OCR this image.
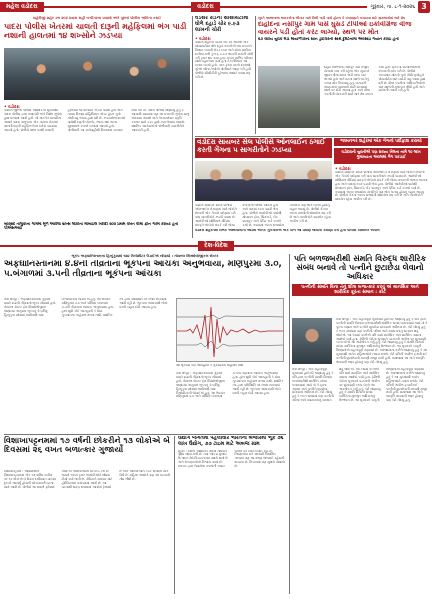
મહેલ વડોદરા	વડોદરા	ગુરૂવાર, તા. ૮-૧-૨૦૨૬ 3
શહેરીજી શહેર ડભ ૨૯૪ પ્રવાસ સહી બચીગરના પ્રવાસો અંગે પૂછતાં પોલીસ અંકિતા કરાઈ
પાદરા પોલીસ ખેતરમાં ચાલતી દારૂની મહેફિલમાં ભંગ પાડી નશાની હાલતમાં ૧૪ શખ્સોને ઝડપ્યા
• વડોદરા
વડોદરા જીલ્લા પોલીસ અધિક્ષકની સૂચનાથી પાદરા પોલીસ દ્વારા નશાબંધી અંગે વિશેષ ઝુંબેશ હાથ ધરવામાં આવી હતી. જે અંતર્ગત બાતમીના આધારે પાદરા તાલુકાના એક ગામના ખેતરમાં ચાલતી દારૂની મહેફિલ ઉપર દરોડો પાડવામાં આવ્યો હતો. પોલીસે સ્થળ પરથી નશાની હાલતમાં ૧૪ શખ્સોને ઝડપી પાડ્યા હતા અને તમામ વિરુદ્ધ પ્રોહિબિશન એક્ટ હેઠળ ગુનો નોંધી વધુ તપાસ હાથ ધરી છે. ઝડપાયેલા શખ્સો પાસેથી દારૂની બોટલો, ગ્લાસ તથા અન્ય મુદ્દામાલ કબજે કરવામાં આવ્યો હતો. પોલીસની આ કાર્યવાહીથી વિસ્તારમાં ચકચાર મચી ગઈ છે. પાદરા પોલીસે જણાવ્યું હતું કે આગામી સમયમાં પણ આ પ્રકારની ઝુંબેશ ચાલુ રાખવામાં આવશે અને ગેરકાયદેસર પ્રવૃત્તિ કરનાર સામે કડક હાથે કામ લેવામાં આવશે. સ્થાનિક આગેવાનોએ પોલીસની કામગીરીને આવકારી હતી.
બોરસદ તાલુકાના ગામમાં મૂળે આવેલા શખ્સ લોકોના મોબાઇલ ખરીદી ૨૦૦ પ્રથમ વખત વીમા ફોન ગરમ કરાયો હતો પીએસઆઈ
વડસર રોડની સોસાયટીમાં ઘોળે દહાડે ચોર ૯.૯૩ લાખની ચોરી
• વડોદરા
વડોદરા શહેરના વડસર રોડ પર આવેલી એક સોસાયટીમાં ઘોળે દહાડે તસ્કરોએ બંધ મકાનને નિશાન બનાવી રોકડ રકમ અને સોના ચાંદીના દાગીના મળી કુલ રૂ. ૯.૯૩ લાખની મત્તાની ચોરી કરી ફરાર થઇ ગયા હતા. મકાન માલિક પરિવાર સાથે બહારગામ ગયા હતા તે દરમિયાન આ બનાવ બન્યો હતો. પરત ફરતા ઘરનો દરવાજો તૂટેલો જોતા તેઓએ પોલીસને જાણ કરી હતી. પોલીસે સીસીટીવી ફૂટેજના આધારે તપાસ શરૂ કરી છે.
સુરતે આજબાજ જરાકલેના ભીનાર ગામે વિલી ગાડી પાસે હોટલ કે વગરાણાને બચાવવા માટે ગ્રામજનોમાં ભારે રોષ
દાહોદના નસીપુર ગામ પાસે ઘુસડે ટીપીઓ ઇકોવીગ્રેજ વીજ વાયરને પડી હોતાં કરંટ લાગ્યો, સ્થળ પર મોત
૨૭ વર્ષીય યુવક મેડા માયાળપરના શાન ડ્રાઈવરની સાથે દુર્ઘટનામાં અવસાઇ ગયાને કરાઇ હતો
દાહોદ જિલ્લાના નસીપુર ગામ નજીક ખેતરમાં કામ કરી રહેલા એક યુવકને જીવંત વીજ વાયર અડી જતા કરંટ લાગ્યો હતો અને ઘટના સ્થળે જ તેનું કરુણ મોત નિપજ્યું હતું. બનાવની જાણ થતા ગ્રામજનો મોટી સંખ્યામાં સ્થળ પર દોડી આવ્યા હતા અને વીજ કંપનીની બેદરકારી સામે ભારે રોષ વ્યક્ત કર્યો હતો. મૃતકના પરિવારજનોએ વળતરની માંગ કરી છે. પોલીસે અકસ્માત મોતનો ગુનો નોંધી મૃતદેહને પોસ્ટમોર્ટમ માટે ખસેડી વધુ તપાસ હાથ ધરી છે. વીજ કંપનીના અધિકારીઓએ પણ સ્થળની મુલાકાત લીધી હતી અને વાયરની તપાસ કરી હતી.
જામનગર શહેરમાં એક ગેંગનો પર્દાફાશ કરાયો
વડોદરા સાયબર સેલ પોલીસે ઓનલાઈન ઠગાઈ કરતી ગેંગના ૫ સાગરીતોને ઝડપ્યા	વડોદરાની યુવતીએ પણ રાજ્ય ખેલના નામે ૧૦ લાખ ગુમાવ્યાના અવલમાં ગેંગ પકડાઈ
• વડોદરા
વડોદરા સાયબર ક્રાઇમ પોલીસે ઓનલાઈન રોકાણના નામે લોકોને છેતરતી એક ગેંગનો પર્દાફાશ કરી પાંચ સાગરીતોને ઝડપી પાડ્યા છે. આરોપીઓ સોશિયલ મીડિયા મારફતે લોકોનો સંપર્ક કરી ઊંચા વળતરની લાલચ આપતા હતા અને બાદમાં રકમ પડાવી લેતા હતા. પોલીસે આરોપીઓ પાસેથી મોબાઇલ ફોન, સિમકાર્ડ, બેંક પાસબુક અને ડેબિટ કાર્ડ કબજે કર્યા છે. તપાસમાં અન્ય રાજ્યોના નાગરિકો પણ ભોગ બન્યા હોવાનું બહાર આવ્યું છે. પોલીસે ગેંગના અન્ય સભ્યોની શોધખોળ શરૂ કરી છે અને નાગરિકોને સાવચેત રહેવા અપીલ કરી છે.
વડોદરા સાયબર ક્રાઇમ પોલીસે ઓનલાઈન રોકાણના નામે લોકોને છેતરતી એક ગેંગનો પર્દાફાશ કરી પાંચ સાગરીતોને ઝડપી પાડ્યા છે. આરોપીઓ સોશિયલ મીડિયા મારફતે લોકોનો સંપર્ક કરી ઊંચા વળતરની લાલચ આપતા હતા અને બાદમાં રકમ પડાવી લેતા હતા. પોલીસે આરોપીઓ પાસેથી મોબાઇલ ફોન, સિમકાર્ડ, બેંક પાસબુક અને ડેબિટ કાર્ડ કબજે કર્યા છે. તપાસમાં અન્ય રાજ્યોના નાગરિકો પણ ભોગ બન્યા હોવાનું બહાર આવ્યું છે. પોલીસે ગેંગના અન્ય સભ્યોની શોધખોળ શરૂ કરી છે અને નાગરિકોને સાવચેત રહેવા અપીલ કરી છે.
વડોદરા શહેરનમાં દર્ભિક અભિયાનોની આડમાં અનેક ગુનેગારોએ એક કાળે આ પ્રમાણે જમીની કમાણી કરી હતી પોલીસ કમિશ્નરે અપીલ
દેશ-વિદેશ
ભૂકંપ અફઘાનિસ્તાનના હિન્દુકુશમાં ૧૨૪ કિલોમીટર ઉંડાઈએ નોંધાયો : નેશનલ સિસ્મોલોજીકલ સેન્ટર
અફઘાનિસ્તાનમાં ૪.૪ની તીવ્રતાના ભૂકંપના આંચકા અનુભવાયા, મણિપુરમાં ૩.૦, ૫.બંગાળમાં ૩.૫ની તીવ્રતાના ભૂકંપના આંચકા
નવી દિલ્હી : અફઘાનિસ્તાનમાં ગુરૂવારે સવારે ૪.૪ની તીવ્રતાનો ભૂકંપ નોંધાયો હતો. નેશનલ સેન્ટર ફોર સિસ્મોલોજીના જણાવ્યા અનુસાર ભૂકંપનું કેન્દ્રબિંદુ હિન્દુકુશ પ્રદેશમાં જમીનથી ૧૨૪ કિલોમીટરની ઊંડાઈએ હતું. આ ઉપરાંત મણિપુરમાં ૩.૦ અને પશ્ચિમ બંગાળમાં ૩.૫ની તીવ્રતાના આંચકા અનુભવાયા હતા. હાલ સુધી કોઈ જાનહાની કે મોટા નુકસાનના અહેવાલ મળ્યા નથી. સ્થાનિક તંત્ર દ્વારા પરિસ્થિતિ પર નજર રાખવામાં આવી રહી છે. ભૂકંપના આંચકાથી લોકો ઘરની બહાર દોડી આવ્યા હતા.
આ ભૂકંપમાં કોઈ જાનહાની કે નુકસાનના અહેવાલ નથી
નવી દિલ્હી : અફઘાનિસ્તાનમાં ગુરૂવારે સવારે ૪.૪ની તીવ્રતાનો ભૂકંપ નોંધાયો હતો. નેશનલ સેન્ટર ફોર સિસ્મોલોજીના જણાવ્યા અનુસાર ભૂકંપનું કેન્દ્રબિંદુ હિન્દુકુશ પ્રદેશમાં જમીનથી ૧૨૪ કિલોમીટરની ઊંડાઈએ હતું. આ ઉપરાંત મણિપુરમાં ૩.૦ અને પશ્ચિમ બંગાળમાં ૩.૫ની તીવ્રતાના આંચકા અનુભવાયા હતા. હાલ સુધી કોઈ જાનહાની કે મોટા નુકસાનના અહેવાલ મળ્યા નથી. સ્થાનિક તંત્ર દ્વારા પરિસ્થિતિ પર નજર રાખવામાં આવી રહી છે. ભૂકંપના આંચકાથી લોકો ઘરની બહાર દોડી આવ્યા હતા.
પતિ બળજબરીથી સંમતિ વિરુદ્ધ શારીરિક સંબંધ બનાવે તો પત્નીને છુટાછેડા લેવાનો અધિકાર
પત્નીની સંમતિ વિના તેનું શીલ બળાત્કાર કરવું એ માનસિક અને શારીરિક ક્રૂરતા સમાન : કોર્ટ
નવી દિલ્હી : એક મહત્વપૂર્ણ ચુકાદામાં હાઈકોર્ટે જણાવ્યું હતું કે પતિ દ્વારા પત્નીની સંમતિ વિરુદ્ધ બળજબરીથી શારીરિક સંબંધ બનાવવામાં આવે તો તે ક્રૂરતા ગણાય અને પત્નીને છૂટાછેડા માંગવાનો અધિકાર છે. કોર્ટે નોંધ્યું હતું કે લગ્ન સંબંધમાં પણ પત્નીની ગરિમા અને સ્વાયત્તતાનું સન્માન થવું જોઈએ. આ કેસમાં પત્નીએ પતિ સામે માનસિક અને શારીરિક ત્રાસના આક્ષેપો કર્યા હતા. ફેમિલી કોર્ટના ચુકાદાને પડકારતી અપીલ પર સુનાવણી કરતા બેન્ચે આ અવલોકન કર્યું હતું. કોર્ટે જણાવ્યું હતું કે સંમતિ વિનાનો સંબંધ વ્યક્તિના મૂળભૂત અધિકારોનું ઉલ્લંઘન છે. આ ચુકાદાને કાનૂની નિષ્ણાતોએ મહત્વપૂર્ણ ગણાવ્યો છે. અરજદારના વકીલે જણાવ્યું હતું કે આ ચુકાદાથી અનેક મહિલાઓને ન્યાય મળશે. કોર્ટે પતિની અપીલ ફગાવી દઈ પત્નીની છૂટાછેડાની માંગણી મંજૂર રાખી હતી. સમાજમાં આ અંગે જાગૃતિ લાવવાની જરૂર હોવાનું પણ કોર્ટે નોંધ્યું હતું.
નવી દિલ્હી : એક મહત્વપૂર્ણ ચુકાદામાં હાઈકોર્ટે જણાવ્યું હતું કે પતિ દ્વારા પત્નીની સંમતિ વિરુદ્ધ બળજબરીથી શારીરિક સંબંધ બનાવવામાં આવે તો તે ક્રૂરતા ગણાય અને પત્નીને છૂટાછેડા માંગવાનો અધિકાર છે. કોર્ટે નોંધ્યું હતું કે લગ્ન સંબંધમાં પણ પત્નીની ગરિમા અને સ્વાયત્તતાનું સન્માન થવું જોઈએ. આ કેસમાં પત્નીએ પતિ સામે માનસિક અને શારીરિક ત્રાસના આક્ષેપો કર્યા હતા. ફેમિલી કોર્ટના ચુકાદાને પડકારતી અપીલ પર સુનાવણી કરતા બેન્ચે આ અવલોકન કર્યું હતું. કોર્ટે જણાવ્યું હતું કે સંમતિ વિનાનો સંબંધ વ્યક્તિના મૂળભૂત અધિકારોનું ઉલ્લંઘન છે. આ ચુકાદાને કાનૂની નિષ્ણાતોએ મહત્વપૂર્ણ ગણાવ્યો છે. અરજદારના વકીલે જણાવ્યું હતું કે આ ચુકાદાથી અનેક મહિલાઓને ન્યાય મળશે. કોર્ટે પતિની અપીલ ફગાવી દઈ પત્નીની છૂટાછેડાની માંગણી મંજૂર રાખી હતી. સમાજમાં આ અંગે જાગૃતિ લાવવાની જરૂર હોવાનું પણ કોર્ટે નોંધ્યું હતું.
વિશાખાપટ્ટનમમાં ૧૭ વર્ષની છોકરીને ૧૩ લોકોએ બે દિવસમાં ૨૬ વખત બળાત્કાર ગુજાર્યો
વિશાખાપટ્ટનમ : આંધ્રપ્રદેશના વિશાખાપટ્ટનમમાં એક ૧૭ વર્ષીય સગીરા પર ૧૩ લોકોએ બે દિવસ દરમિયાન વારંવાર દુષ્કર્મ આચર્યું હોવાની ચોંકાવનારી ઘટના સામે આવી છે. પોલીસે આ મામલે ફરિયાદ નોંધી ૧૦ આરોપીઓની ધરપકડ કરી છે જ્યારે અન્ય ફરાર આરોપીઓને શોધવા ટીમો કામે લાગી છે. પીડિતાને સારવાર માટે હોસ્પિટલમાં ખસેડવામાં આવી છે. આ ઘટનાથી સમગ્ર રાજ્યમાં આક્રોશ ફેલાયો છે અને આરોપીઓને કડક સજાની માંગ ઉઠી છે. મહિલા આયોગે પણ આ ઘટનાની નોંધ લીધી છે.
ઉદ્યોગ જગતમાં પહેલીવાર ભારતના બજારમાં ભૂક ૭૬ લાખ ઉદ્યોગ, ૭૭ ટાઇમ માટે અબજ ગ્રામ
મુંબઈ : દેશના ઔદ્યોગિક ક્ષેત્રમાં નોંધપાત્ર વૃદ્ધિ જોવા મળી છે. નવા આંકડા મુજબ ઉત્પાદન ક્ષેત્રે વિકાસ દરમાં વધારો થયો છે અને રોકાણકારોનો વિશ્વાસ વધ્યો છે. સરકાર દ્વારા લેવાયેલા પગલાંની અસર બજાર પર સ્પષ્ટ દેખાઈ રહી છે. નિષ્ણાતોના મતે આગામી ત્રિમાસિક ગાળામાં પણ આ વલણ જળવાઈ રહેવાની શક્યતા છે. નિકાસમાં પણ સુધારો નોંધાયો છે.
